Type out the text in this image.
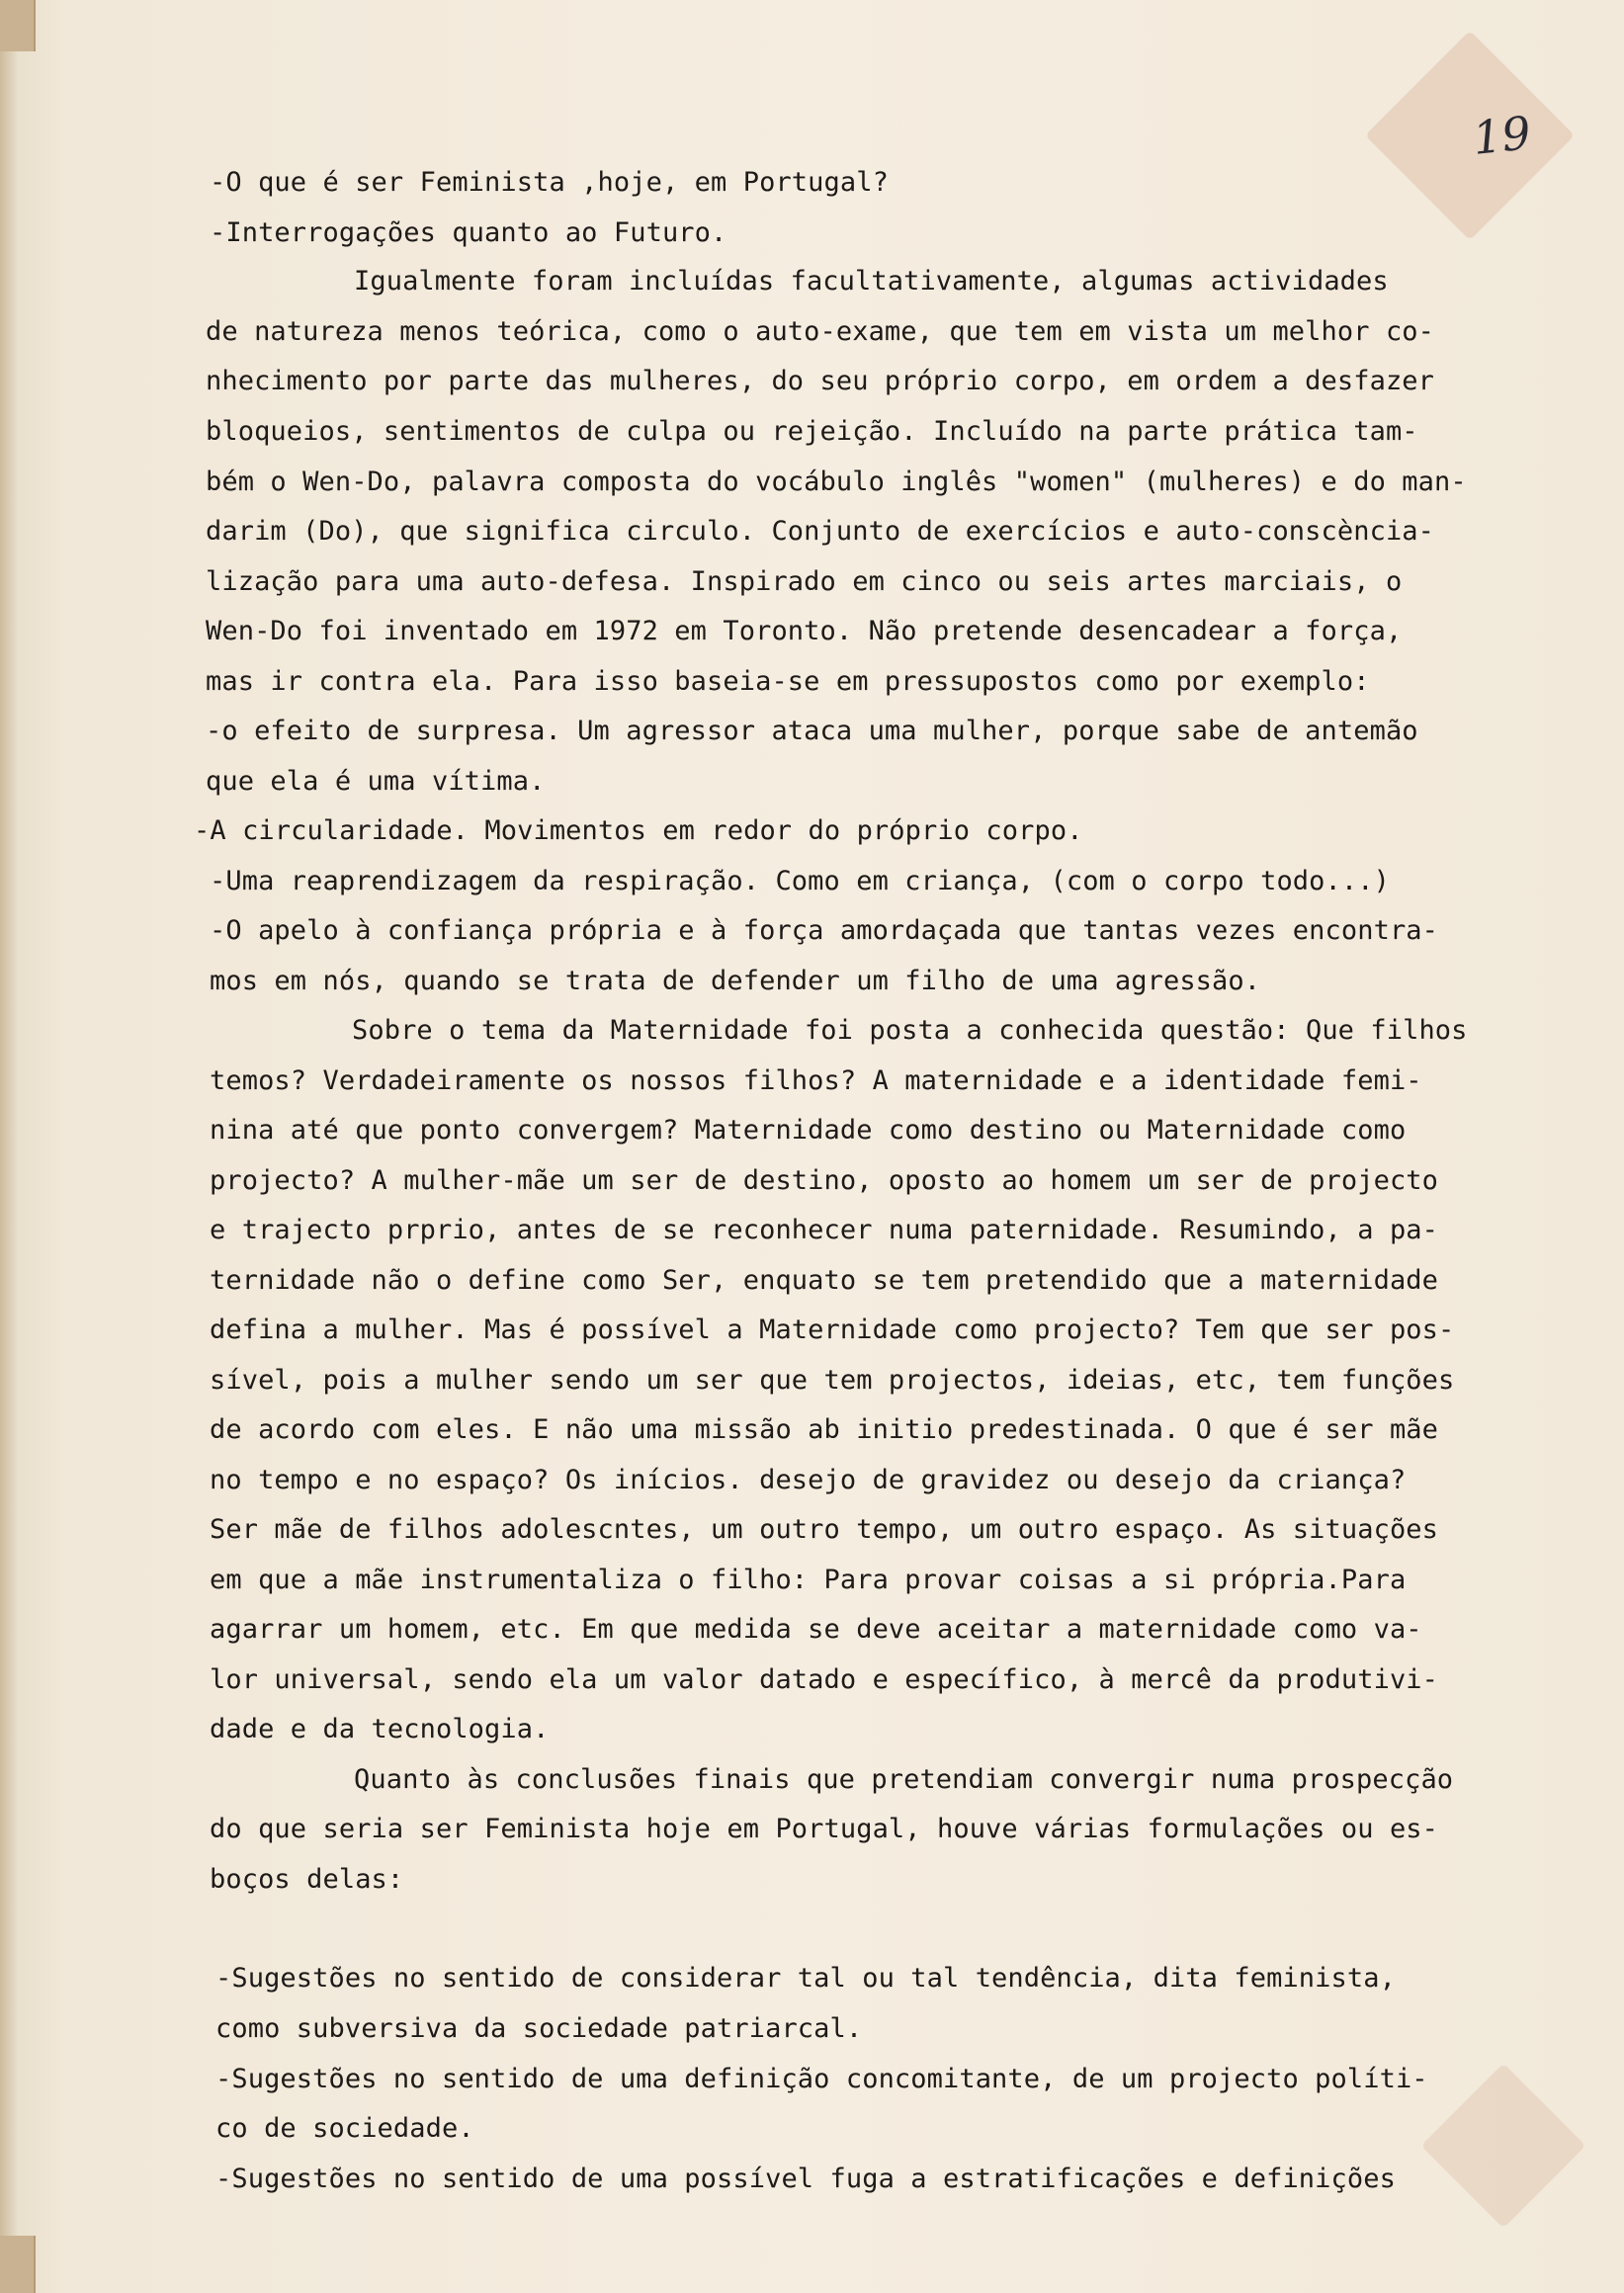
19
-O que é ser Feminista ,hoje, em Portugal?
-Interrogações quanto ao Futuro.
Igualmente foram incluídas facultativamente, algumas actividades
de natureza menos teórica, como o auto-exame, que tem em vista um melhor co-
nhecimento por parte das mulheres, do seu próprio corpo, em ordem a desfazer
bloqueios, sentimentos de culpa ou rejeição. Incluído na parte prática tam-
bém o Wen-Do, palavra composta do vocábulo inglês "women" (mulheres) e do man-
darim (Do), que significa circulo. Conjunto de exercícios e auto-conscència-
lização para uma auto-defesa. Inspirado em cinco ou seis artes marciais, o
Wen-Do foi inventado em 1972 em Toronto. Não pretende desencadear a força,
mas ir contra ela. Para isso baseia-se em pressupostos como por exemplo:
-o efeito de surpresa. Um agressor ataca uma mulher, porque sabe de antemão
que ela é uma vítima.
-A circularidade. Movimentos em redor do próprio corpo.
-Uma reaprendizagem da respiração. Como em criança, (com o corpo todo...)
-O apelo à confiança própria e à força amordaçada que tantas vezes encontra-
mos em nós, quando se trata de defender um filho de uma agressão.
Sobre o tema da Maternidade foi posta a conhecida questão: Que filhos
temos? Verdadeiramente os nossos filhos? A maternidade e a identidade femi-
nina até que ponto convergem? Maternidade como destino ou Maternidade como
projecto? A mulher-mãe um ser de destino, oposto ao homem um ser de projecto
e trajecto prprio, antes de se reconhecer numa paternidade. Resumindo, a pa-
ternidade não o define como Ser, enquato se tem pretendido que a maternidade
defina a mulher. Mas é possível a Maternidade como projecto? Tem que ser pos-
sível, pois a mulher sendo um ser que tem projectos, ideias, etc, tem funções
de acordo com eles. E não uma missão ab initio predestinada. O que é ser mãe
no tempo e no espaço? Os inícios. desejo de gravidez ou desejo da criança?
Ser mãe de filhos adolescntes, um outro tempo, um outro espaço. As situações
em que a mãe instrumentaliza o filho: Para provar coisas a si própria.Para
agarrar um homem, etc. Em que medida se deve aceitar a maternidade como va-
lor universal, sendo ela um valor datado e específico, à mercê da produtivi-
dade e da tecnologia.
Quanto às conclusões finais que pretendiam convergir numa prospecção
do que seria ser Feminista hoje em Portugal, houve várias formulações ou es-
boços delas:
-Sugestões no sentido de considerar tal ou tal tendência, dita feminista,
como subversiva da sociedade patriarcal.
-Sugestões no sentido de uma definição concomitante, de um projecto políti-
co de sociedade.
-Sugestões no sentido de uma possível fuga a estratificações e definições
